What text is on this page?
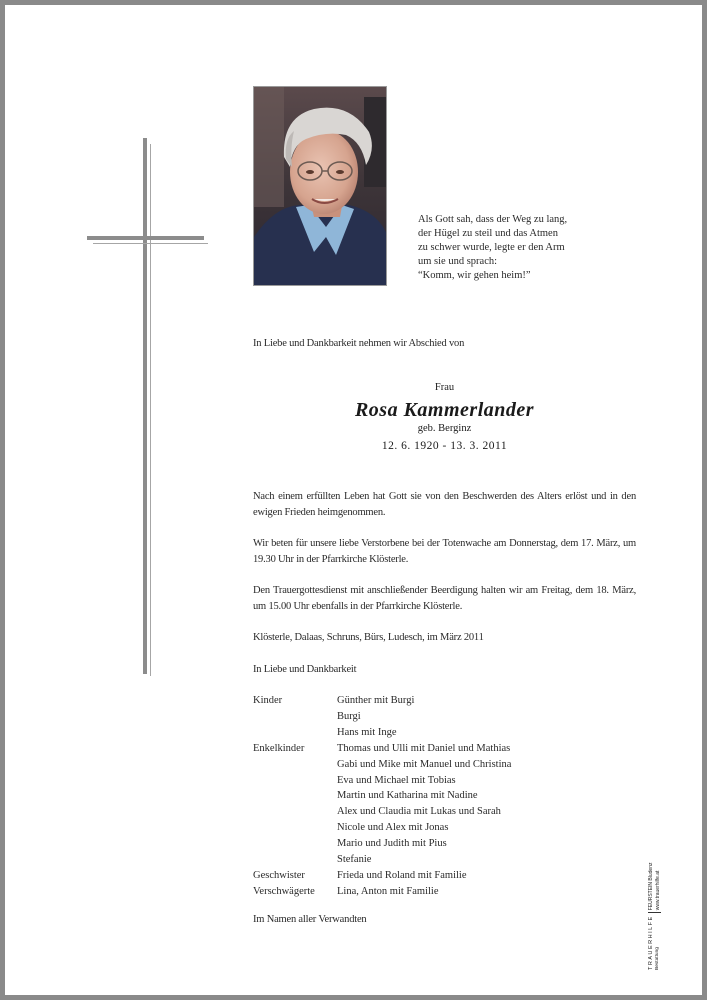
Als Gott sah, dass der Weg zu lang,
der Hügel zu steil und das Atmen
zu schwer wurde, legte er den Arm
um sie und sprach:
“Komm, wir gehen heim!”
In Liebe und Dankbarkeit nehmen wir Abschied von
Frau
Rosa Kammerlander
geb. Berginz
12. 6. 1920 - 13. 3. 2011
Nach einem erfüllten Leben hat Gott sie von den Beschwerden des Alters erlöst und in den ewigen Frieden heimgenommen.
Wir beten für unsere liebe Verstorbene bei der Totenwache am Donnerstag, dem 17. März, um 19.30 Uhr in der Pfarrkirche Klösterle.
Den Trauergottesdienst mit anschließender Beerdigung halten wir am Freitag, dem 18. März, um 15.00 Uhr ebenfalls in der Pfarrkirche Klösterle.
Klösterle, Dalaas, Schruns, Bürs, Ludesch, im März 2011
In Liebe und Dankbarkeit
Kinder	Günther mit Burgi
Burgi
Hans mit Inge
Enkelkinder	Thomas und Ulli mit Daniel und Mathias
Gabi und Mike mit Manuel und Christina
Eva und Michael mit Tobias
Martin und Katharina mit Nadine
Alex und Claudia mit Lukas und Sarah
Nicole und Alex mit Jonas
Mario und Judith mit Pius
Stefanie
Geschwister	Frieda und Roland mit Familie
Verschwägerte	Lina, Anton mit Familie
Im Namen aller Verwandten	TRAUERHILFE Bestattung
FEURSTEIN Bludenz www.trauerhilfe.at
